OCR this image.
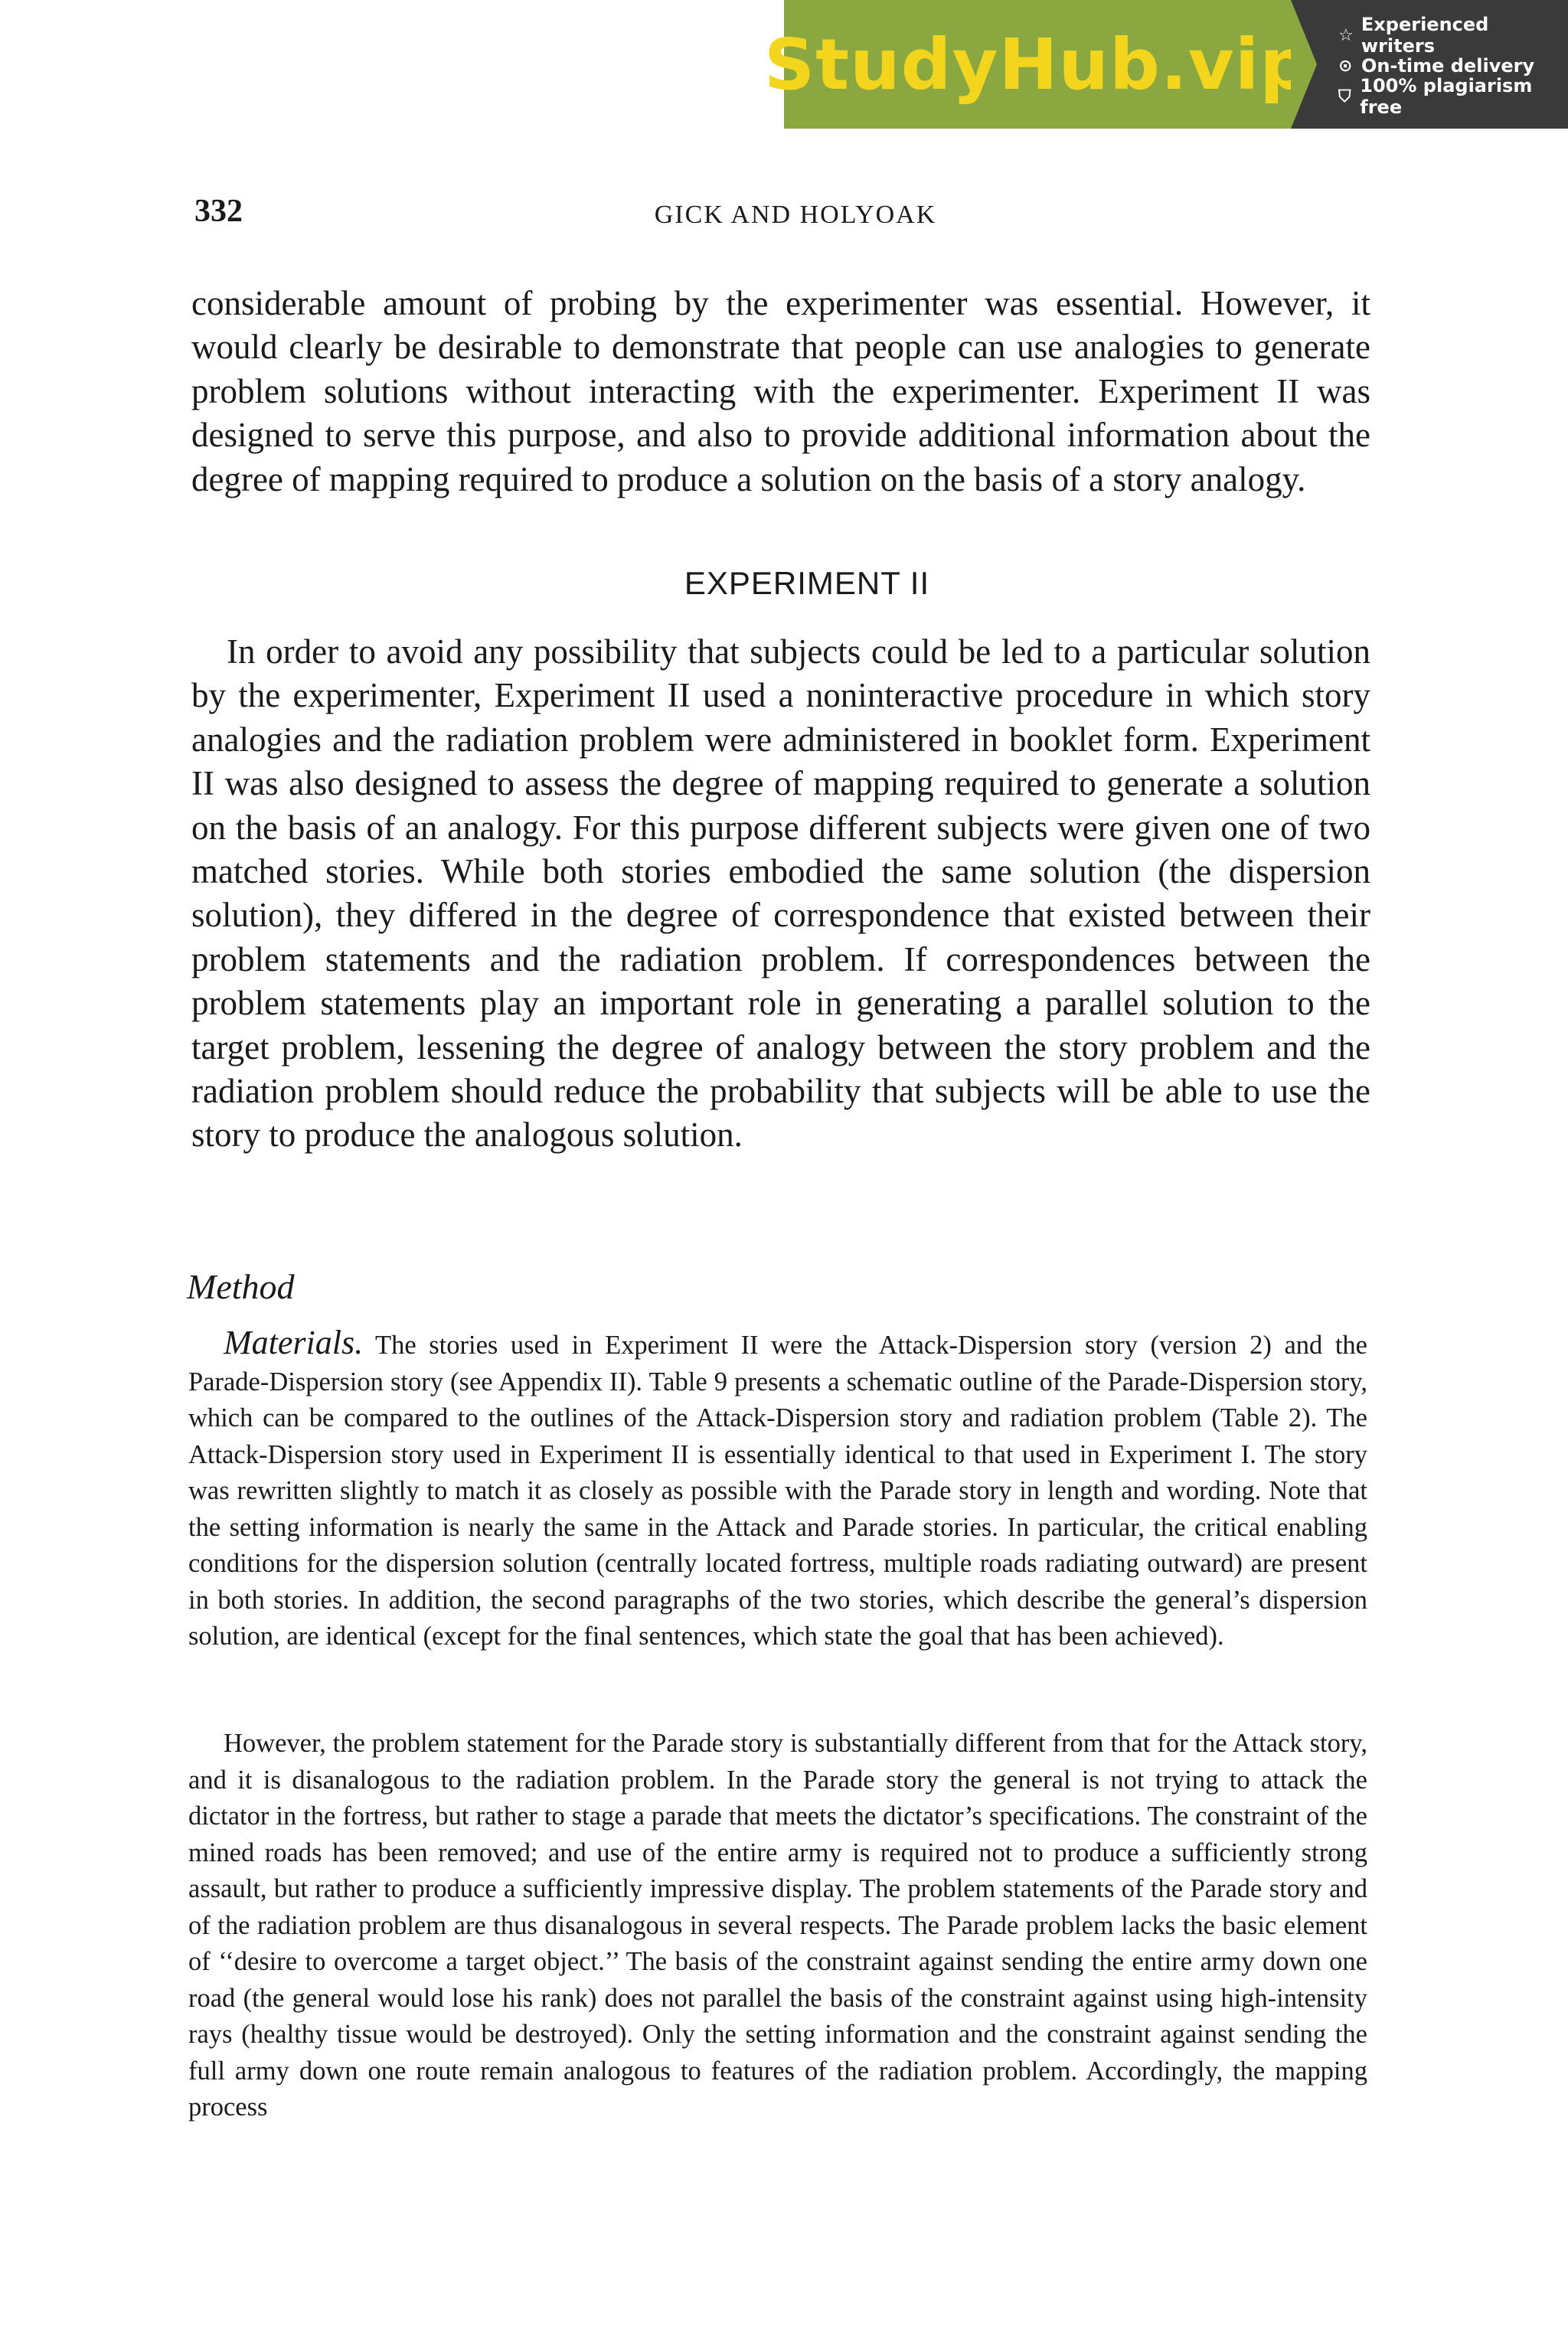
StudyHub.vip ☆ Experienced writers
⊙ On-time delivery
⛉ 100% plagiarism free
332	GICK AND HOLYOAK

considerable amount of probing by the experimenter was essential. However, it would clearly be desirable to demonstrate that people can use analogies to generate problem solutions without interacting with the experimenter. Experiment II was designed to serve this purpose, and also to provide additional information about the degree of mapping required to produce a solution on the basis of a story analogy.

EXPERIMENT II

In order to avoid any possibility that subjects could be led to a particular solution by the experimenter, Experiment II used a noninteractive procedure in which story analogies and the radiation problem were administered in booklet form. Experiment II was also designed to assess the degree of mapping required to generate a solution on the basis of an analogy. For this purpose different subjects were given one of two matched stories. While both stories embodied the same solution (the dispersion solution), they differed in the degree of correspondence that existed between their problem statements and the radiation problem. If correspondences between the problem statements play an important role in generating a parallel solution to the target problem, lessening the degree of analogy between the story problem and the radiation problem should reduce the probability that subjects will be able to use the story to produce the analogous solution.

Method

Materials. The stories used in Experiment II were the Attack-Dispersion story (version 2) and the Parade-Dispersion story (see Appendix II). Table 9 presents a schematic outline of the Parade-Dispersion story, which can be compared to the outlines of the Attack-Dispersion story and radiation problem (Table 2). The Attack-Dispersion story used in Experiment II is essentially identical to that used in Experiment I. The story was rewritten slightly to match it as closely as possible with the Parade story in length and wording. Note that the setting information is nearly the same in the Attack and Parade stories. In particular, the critical enabling conditions for the dispersion solution (centrally located fortress, multiple roads radiating outward) are present in both stories. In addition, the second paragraphs of the two stories, which describe the general’s dispersion solution, are identical (except for the final sentences, which state the goal that has been achieved).

However, the problem statement for the Parade story is substantially different from that for the Attack story, and it is disanalogous to the radiation problem. In the Parade story the general is not trying to attack the dictator in the fortress, but rather to stage a parade that meets the dictator’s specifications. The constraint of the mined roads has been removed; and use of the entire army is required not to produce a sufficiently strong assault, but rather to produce a sufficiently impressive display. The problem statements of the Parade story and of the radiation problem are thus disanalogous in several respects. The Parade problem lacks the basic element of ‘‘desire to overcome a target object.’’ The basis of the constraint against sending the entire army down one road (the general would lose his rank) does not parallel the basis of the constraint against using high-intensity rays (healthy tissue would be destroyed). Only the setting information and the constraint against sending the full army down one route remain analogous to features of the radiation problem. Accordingly, the mapping process
